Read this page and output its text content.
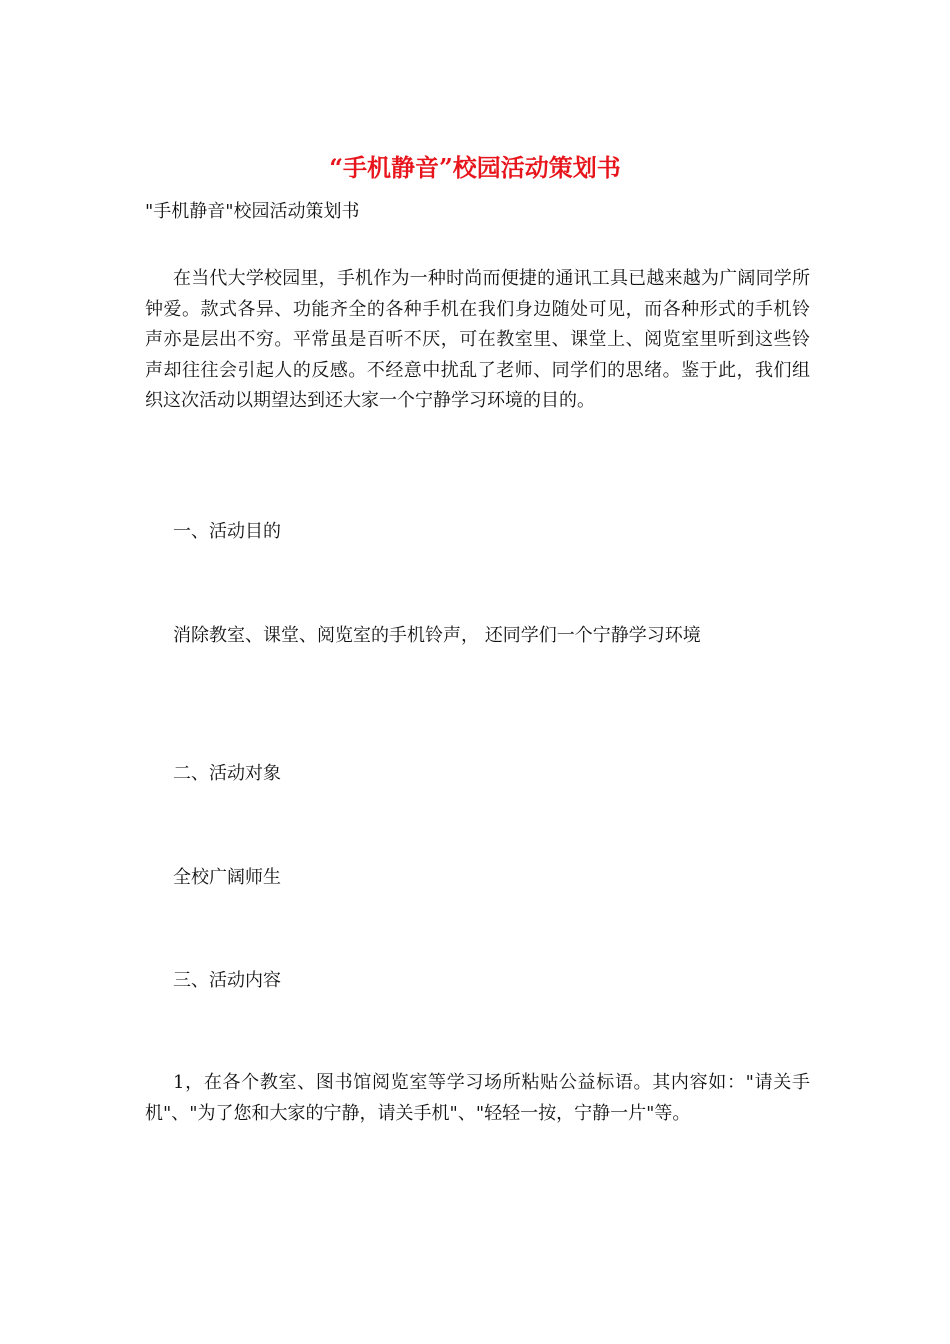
“手机静音”校园活动策划书
"手机静音"校园活动策划书
在当代大学校园里，手机作为一种时尚而便捷的通讯工具已越来越为广阔同学所钟爱。款式各异、功能齐全的各种手机在我们身边随处可见，而各种形式的手机铃声亦是层出不穷。平常虽是百听不厌，可在教室里、课堂上、阅览室里听到这些铃声却往往会引起人的反感。不经意中扰乱了老师、同学们的思绪。鉴于此，我们组织这次活动以期望达到还大家一个宁静学习环境的目的。
一、活动目的
消除教室、课堂、阅览室的手机铃声， 还同学们一个宁静学习环境
二、活动对象
全校广阔师生
三、活动内容
1，在各个教室、图书馆阅览室等学习场所粘贴公益标语。其内容如："请关手机"、"为了您和大家的宁静，请关手机"、"轻轻一按，宁静一片"等。
